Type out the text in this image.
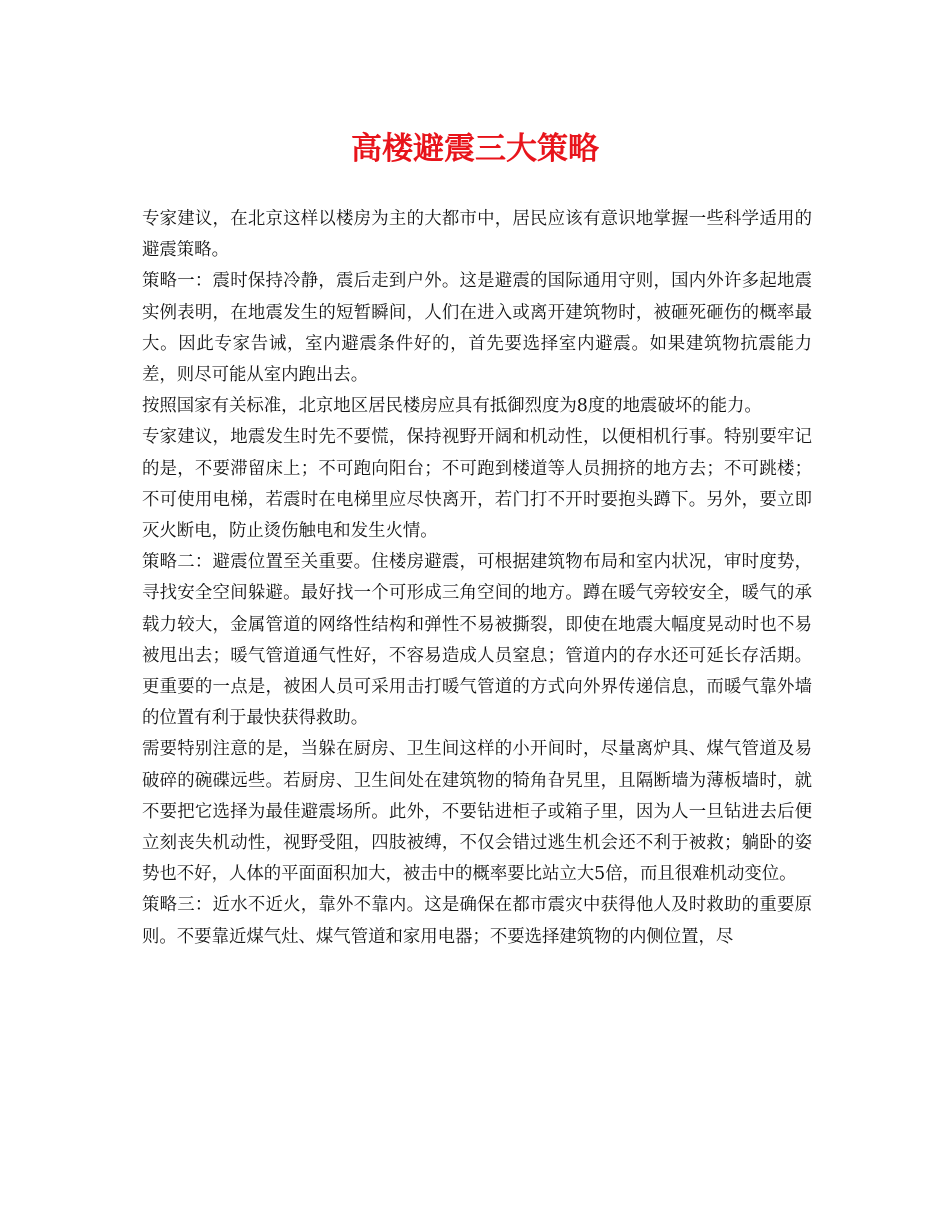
高楼避震三大策略

专家建议，在北京这样以楼房为主的大都市中，居民应该有意识地掌握一些科学适用的避震策略。

策略一：震时保持冷静，震后走到户外。这是避震的国际通用守则，国内外许多起地震实例表明，在地震发生的短暂瞬间，人们在进入或离开建筑物时，被砸死砸伤的概率最大。因此专家告诫，室内避震条件好的，首先要选择室内避震。如果建筑物抗震能力差，则尽可能从室内跑出去。

按照国家有关标准，北京地区居民楼房应具有抵御烈度为8度的地震破坏的能力。

专家建议，地震发生时先不要慌，保持视野开阔和机动性，以便相机行事。特别要牢记的是，不要滞留床上；不可跑向阳台；不可跑到楼道等人员拥挤的地方去；不可跳楼；不可使用电梯，若震时在电梯里应尽快离开，若门打不开时要抱头蹲下。另外，要立即灭火断电，防止烫伤触电和发生火情。

策略二：避震位置至关重要。住楼房避震，可根据建筑物布局和室内状况，审时度势，寻找安全空间躲避。最好找一个可形成三角空间的地方。蹲在暖气旁较安全，暖气的承载力较大，金属管道的网络性结构和弹性不易被撕裂，即使在地震大幅度晃动时也不易被甩出去；暖气管道通气性好，不容易造成人员窒息；管道内的存水还可延长存活期。更重要的一点是，被困人员可采用击打暖气管道的方式向外界传递信息，而暖气靠外墙的位置有利于最快获得救助。

需要特别注意的是，当躲在厨房、卫生间这样的小开间时，尽量离炉具、煤气管道及易破碎的碗碟远些。若厨房、卫生间处在建筑物的犄角旮旯里，且隔断墙为薄板墙时，就不要把它选择为最佳避震场所。此外，不要钻进柜子或箱子里，因为人一旦钻进去后便立刻丧失机动性，视野受阻，四肢被缚，不仅会错过逃生机会还不利于被救；躺卧的姿势也不好，人体的平面面积加大，被击中的概率要比站立大5倍，而且很难机动变位。

策略三：近水不近火，靠外不靠内。这是确保在都市震灾中获得他人及时救助的重要原则。不要靠近煤气灶、煤气管道和家用电器；不要选择建筑物的内侧位置，尽
